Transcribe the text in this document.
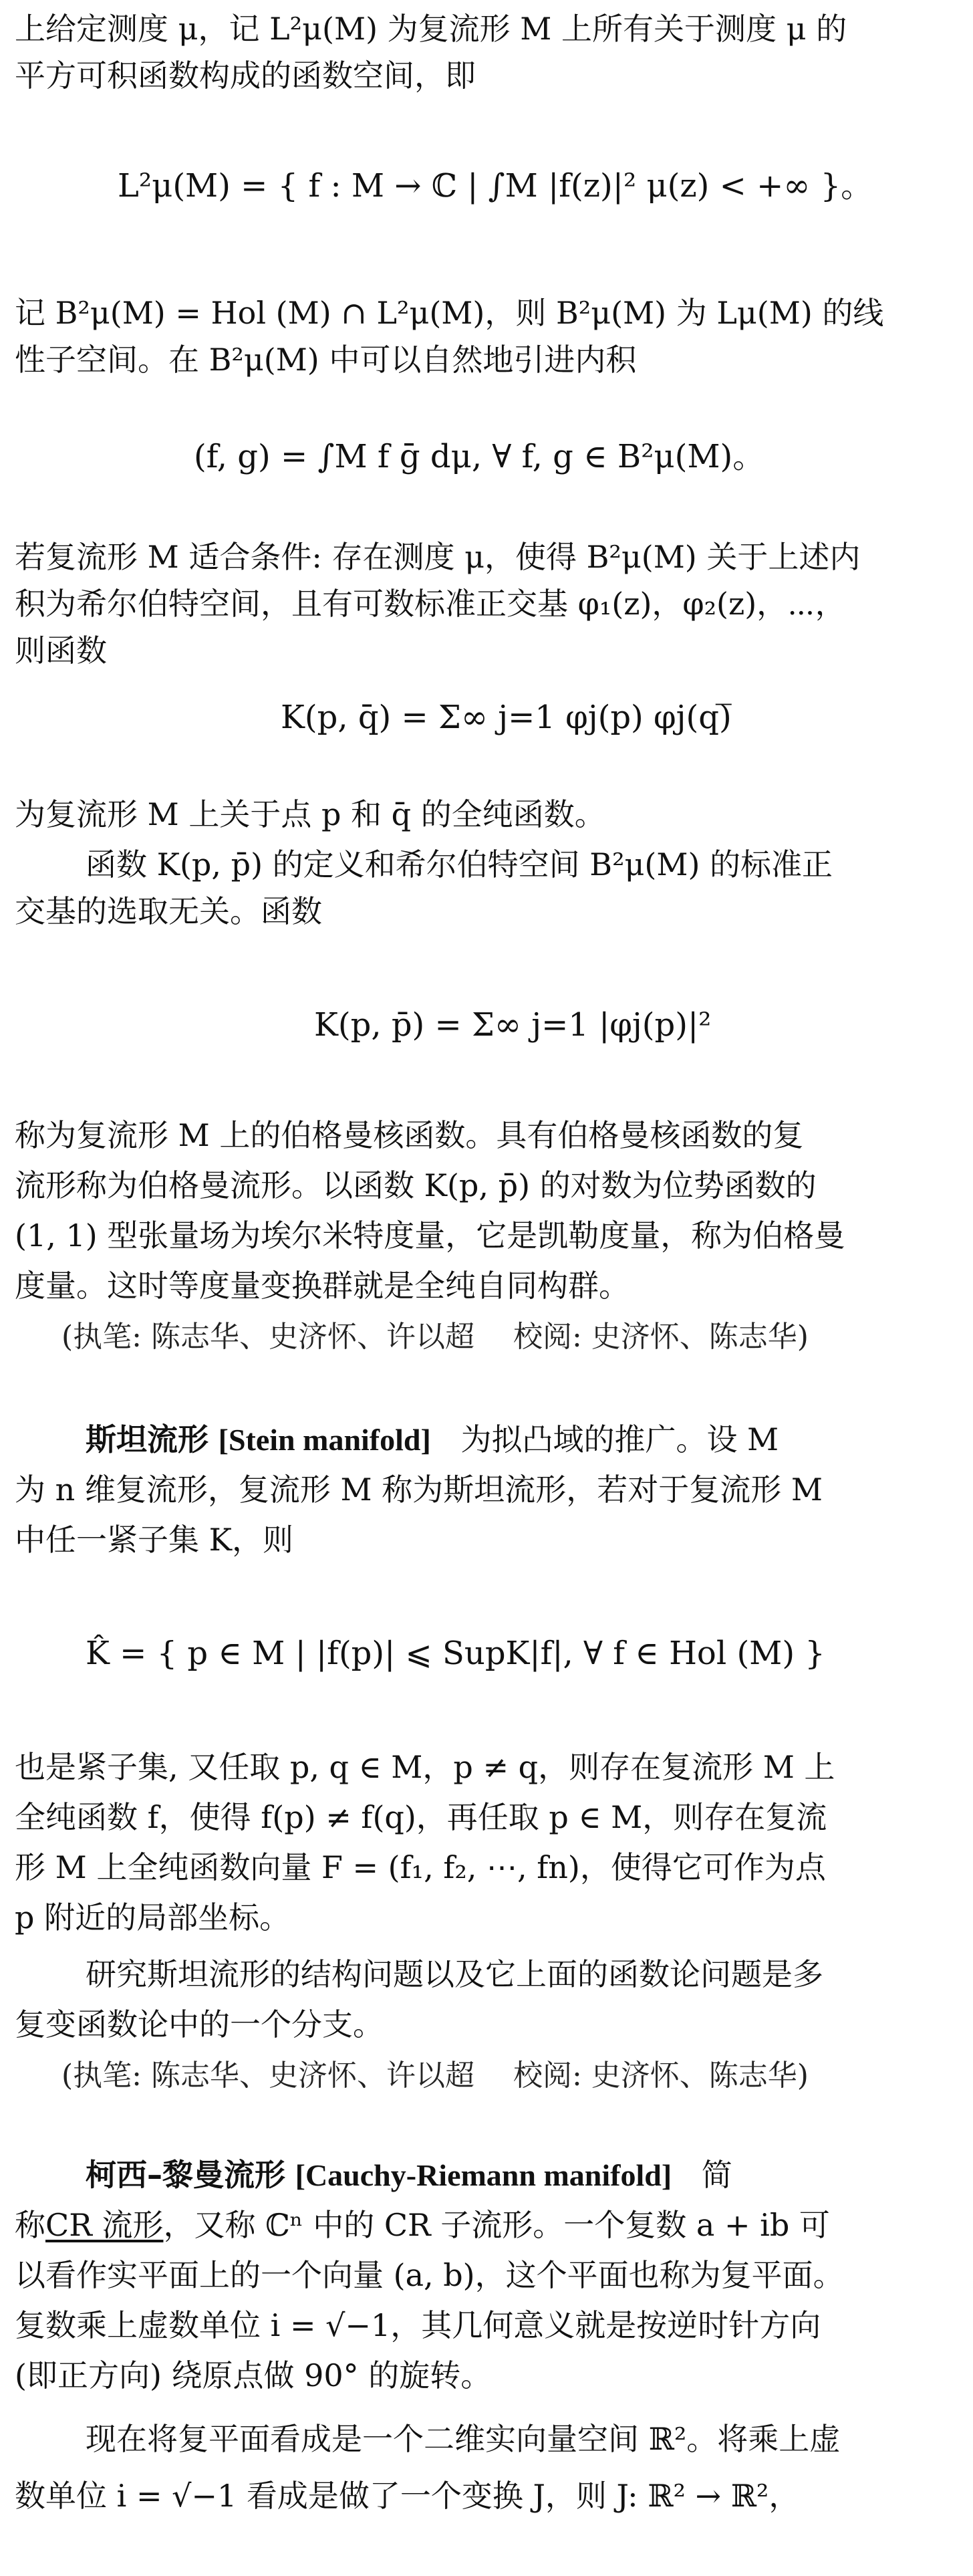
上给定测度 μ，记 L²μ(M) 为复流形 M 上所有关于测度 μ 的
平方可积函数构成的函数空间，即
L²μ(M) = { f : M → ℂ | ∫M |f(z)|² μ(z) < +∞ }。
记 B²μ(M) = Hol (M) ∩ L²μ(M)，则 B²μ(M) 为 Lμ(M) 的线
性子空间。在 B²μ(M) 中可以自然地引进内积
(f, g) = ∫M f ḡ dμ, ∀ f, g ∈ B²μ(M)。
若复流形 M 适合条件: 存在测度 μ，使得 B²μ(M) 关于上述内
积为希尔伯特空间，且有可数标准正交基 φ₁(z)，φ₂(z)，⋯，
则函数
K(p, q̄) = Σ∞ j=1 φj(p) φj(q)̅
为复流形 M 上关于点 p 和 q̄ 的全纯函数。
函数 K(p, p̄) 的定义和希尔伯特空间 B²μ(M) 的标准正
交基的选取无关。函数
K(p, p̄) = Σ∞ j=1 |φj(p)|²
称为复流形 M 上的伯格曼核函数。具有伯格曼核函数的复
流形称为伯格曼流形。以函数 K(p, p̄) 的对数为位势函数的
(1, 1) 型张量场为埃尔米特度量，它是凯勒度量，称为伯格曼
度量。这时等度量变换群就是全纯自同构群。
(执笔: 陈志华、史济怀、许以超　 校阅: 史济怀、陈志华)
斯坦流形 [Stein manifold] 为拟凸域的推广。设 M
为 n 维复流形，复流形 M 称为斯坦流形，若对于复流形 M
中任一紧子集 K，则
K̂ = { p ∈ M | |f(p)| ⩽ SupK|f|, ∀ f ∈ Hol (M) }
也是紧子集, 又任取 p, q ∈ M，p ≠ q，则存在复流形 M 上
全纯函数 f，使得 f(p) ≠ f(q)，再任取 p ∈ M，则存在复流
形 M 上全纯函数向量 F = (f₁, f₂, ⋯, fn)，使得它可作为点
p 附近的局部坐标。
研究斯坦流形的结构问题以及它上面的函数论问题是多
复变函数论中的一个分支。
(执笔: 陈志华、史济怀、许以超　 校阅: 史济怀、陈志华)
柯西–黎曼流形 [Cauchy-Riemann manifold] 简
称CR 流形，又称 ℂⁿ 中的 CR 子流形。一个复数 a + ib 可
以看作实平面上的一个向量 (a, b)，这个平面也称为复平面。
复数乘上虚数单位 i = √−1，其几何意义就是按逆时针方向
(即正方向) 绕原点做 90° 的旋转。
现在将复平面看成是一个二维实向量空间 ℝ²。将乘上虚
数单位 i = √−1 看成是做了一个变换 J，则 J: ℝ² → ℝ²，
